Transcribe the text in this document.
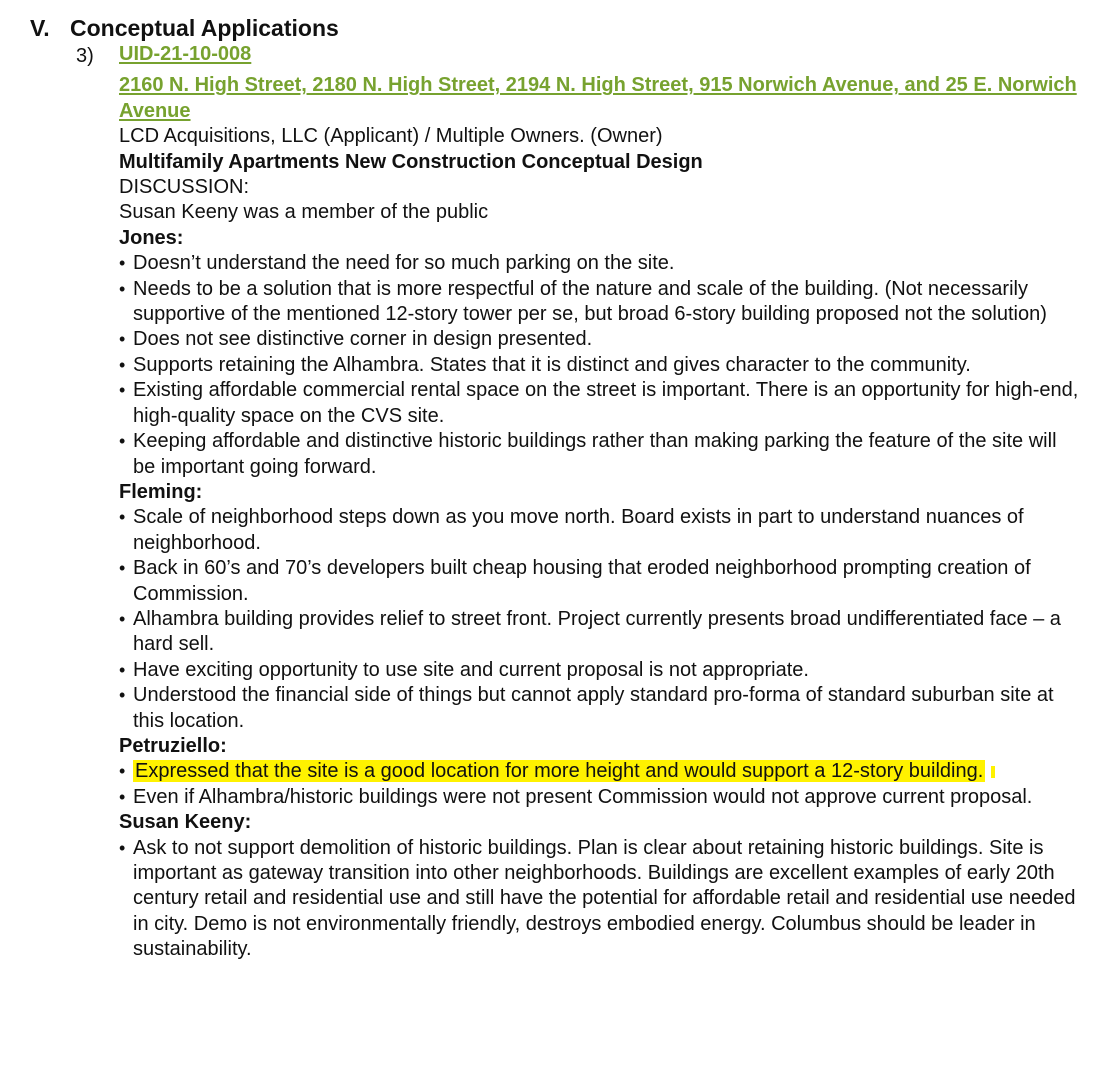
V. Conceptual Applications
3) UID-21-10-008
2160 N. High Street, 2180 N. High Street, 2194 N. High Street, 915 Norwich Avenue, and 25 E. Norwich Avenue
LCD Acquisitions, LLC (Applicant) / Multiple Owners. (Owner)
Multifamily Apartments New Construction Conceptual Design
DISCUSSION:
Susan Keeny was a member of the public
Jones:
• Doesn’t understand the need for so much parking on the site.
• Needs to be a solution that is more respectful of the nature and scale of the building. (Not necessarily supportive of the mentioned 12-story tower per se, but broad 6-story building proposed not the solution)
• Does not see distinctive corner in design presented.
• Supports retaining the Alhambra. States that it is distinct and gives character to the community.
• Existing affordable commercial rental space on the street is important. There is an opportunity for high-end, high-quality space on the CVS site.
• Keeping affordable and distinctive historic buildings rather than making parking the feature of the site will be important going forward.
Fleming:
• Scale of neighborhood steps down as you move north. Board exists in part to understand nuances of neighborhood.
• Back in 60’s and 70’s developers built cheap housing that eroded neighborhood prompting creation of Commission.
• Alhambra building provides relief to street front. Project currently presents broad undifferentiated face – a hard sell.
• Have exciting opportunity to use site and current proposal is not appropriate.
• Understood the financial side of things but cannot apply standard pro-forma of standard suburban site at this location.
Petruziello:
• Expressed that the site is a good location for more height and would support a 12-story building.
• Even if Alhambra/historic buildings were not present Commission would not approve current proposal.
Susan Keeny:
• Ask to not support demolition of historic buildings. Plan is clear about retaining historic buildings. Site is important as gateway transition into other neighborhoods. Buildings are excellent examples of early 20th century retail and residential use and still have the potential for affordable retail and residential use needed in city. Demo is not environmentally friendly, destroys embodied energy. Columbus should be leader in sustainability.
